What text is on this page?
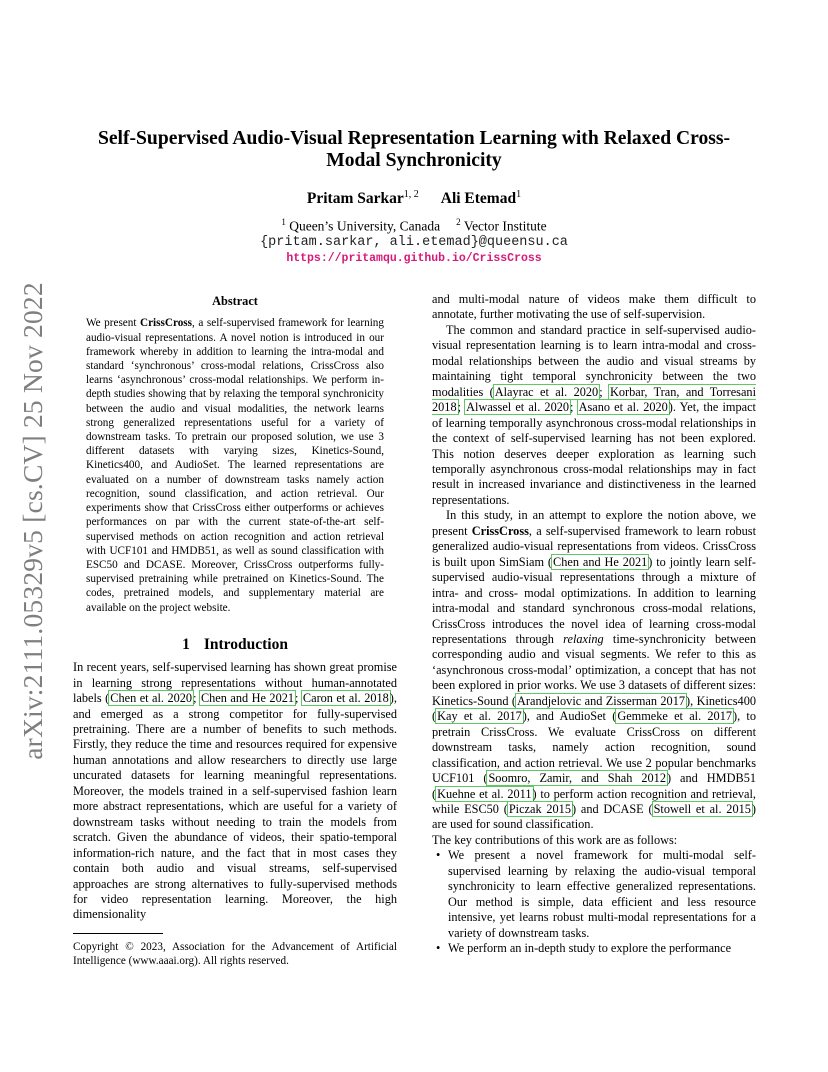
arXiv:2111.05329v5 [cs.CV] 25 Nov 2022
Self-Supervised Audio-Visual Representation Learning with Relaxed Cross-Modal Synchronicity
Pritam Sarkar$^{1, 2}$ Ali Etemad$^1$
$^1$ Queen’s University, Canada $^2$ Vector Institute
{pritam.sarkar, ali.etemad}@queensu.ca
https://pritamqu.github.io/CrissCross
Abstract

We present CrissCross, a self-supervised framework for learning audio-visual representations. A novel notion is introduced in our framework whereby in addition to learning the intra-modal and standard ‘synchronous’ cross-modal relations, CrissCross also learns ‘asynchronous’ cross-modal relationships. We perform in-depth studies showing that by relaxing the temporal synchronicity between the audio and visual modalities, the network learns strong generalized representations useful for a variety of downstream tasks. To pretrain our proposed solution, we use 3 different datasets with varying sizes, Kinetics-Sound, Kinetics400, and AudioSet. The learned representations are evaluated on a number of downstream tasks namely action recognition, sound classification, and action retrieval. Our experiments show that CrissCross either outperforms or achieves performances on par with the current state-of-the-art self-supervised methods on action recognition and action retrieval with UCF101 and HMDB51, as well as sound classification with ESC50 and DCASE. Moreover, CrissCross outperforms fully-supervised pretraining while pretrained on Kinetics-Sound. The codes, pretrained models, and supplementary material are available on the project website.

1 Introduction

In recent years, self-supervised learning has shown great promise in learning strong representations without human-annotated labels (Chen et al. 2020; Chen and He 2021; Caron et al. 2018), and emerged as a strong competitor for fully-supervised pretraining. There are a number of benefits to such methods. Firstly, they reduce the time and resources required for expensive human annotations and allow researchers to directly use large uncurated datasets for learning meaningful representations. Moreover, the models trained in a self-supervised fashion learn more abstract representations, which are useful for a variety of downstream tasks without needing to train the models from scratch. Given the abundance of videos, their spatio-temporal information-rich nature, and the fact that in most cases they contain both audio and visual streams, self-supervised approaches are strong alternatives to fully-supervised methods for video representation learning. Moreover, the high dimensionality

Copyright © 2023, Association for the Advancement of Artificial Intelligence (www.aaai.org). All rights reserved.

and multi-modal nature of videos make them difficult to annotate, further motivating the use of self-supervision.

The common and standard practice in self-supervised audio-visual representation learning is to learn intra-modal and cross-modal relationships between the audio and visual streams by maintaining tight temporal synchronicity between the two modalities (Alayrac et al. 2020; Korbar, Tran, and Torresani 2018; Alwassel et al. 2020; Asano et al. 2020). Yet, the impact of learning temporally asynchronous cross-modal relationships in the context of self-supervised learning has not been explored. This notion deserves deeper exploration as learning such temporally asynchronous cross-modal relationships may in fact result in increased invariance and distinctiveness in the learned representations.

In this study, in an attempt to explore the notion above, we present CrissCross, a self-supervised framework to learn robust generalized audio-visual representations from videos. CrissCross is built upon SimSiam (Chen and He 2021) to jointly learn self-supervised audio-visual representations through a mixture of intra- and cross- modal optimizations. In addition to learning intra-modal and standard synchronous cross-modal relations, CrissCross introduces the novel idea of learning cross-modal representations through relaxing time-synchronicity between corresponding audio and visual segments. We refer to this as ‘asynchronous cross-modal’ optimization, a concept that has not been explored in prior works. We use 3 datasets of different sizes: Kinetics-Sound (Arandjelovic and Zisserman 2017), Kinetics400 (Kay et al. 2017), and AudioSet (Gemmeke et al. 2017), to pretrain CrissCross. We evaluate CrissCross on different downstream tasks, namely action recognition, sound classification, and action retrieval. We use 2 popular benchmarks UCF101 (Soomro, Zamir, and Shah 2012) and HMDB51 (Kuehne et al. 2011) to perform action recognition and retrieval, while ESC50 (Piczak 2015) and DCASE (Stowell et al. 2015) are used for sound classification.

The key contributions of this work are as follows:

• We present a novel framework for multi-modal self-supervised learning by relaxing the audio-visual temporal synchronicity to learn effective generalized representations. Our method is simple, data efficient and less resource intensive, yet learns robust multi-modal representations for a variety of downstream tasks.
• We perform an in-depth study to explore the performance
